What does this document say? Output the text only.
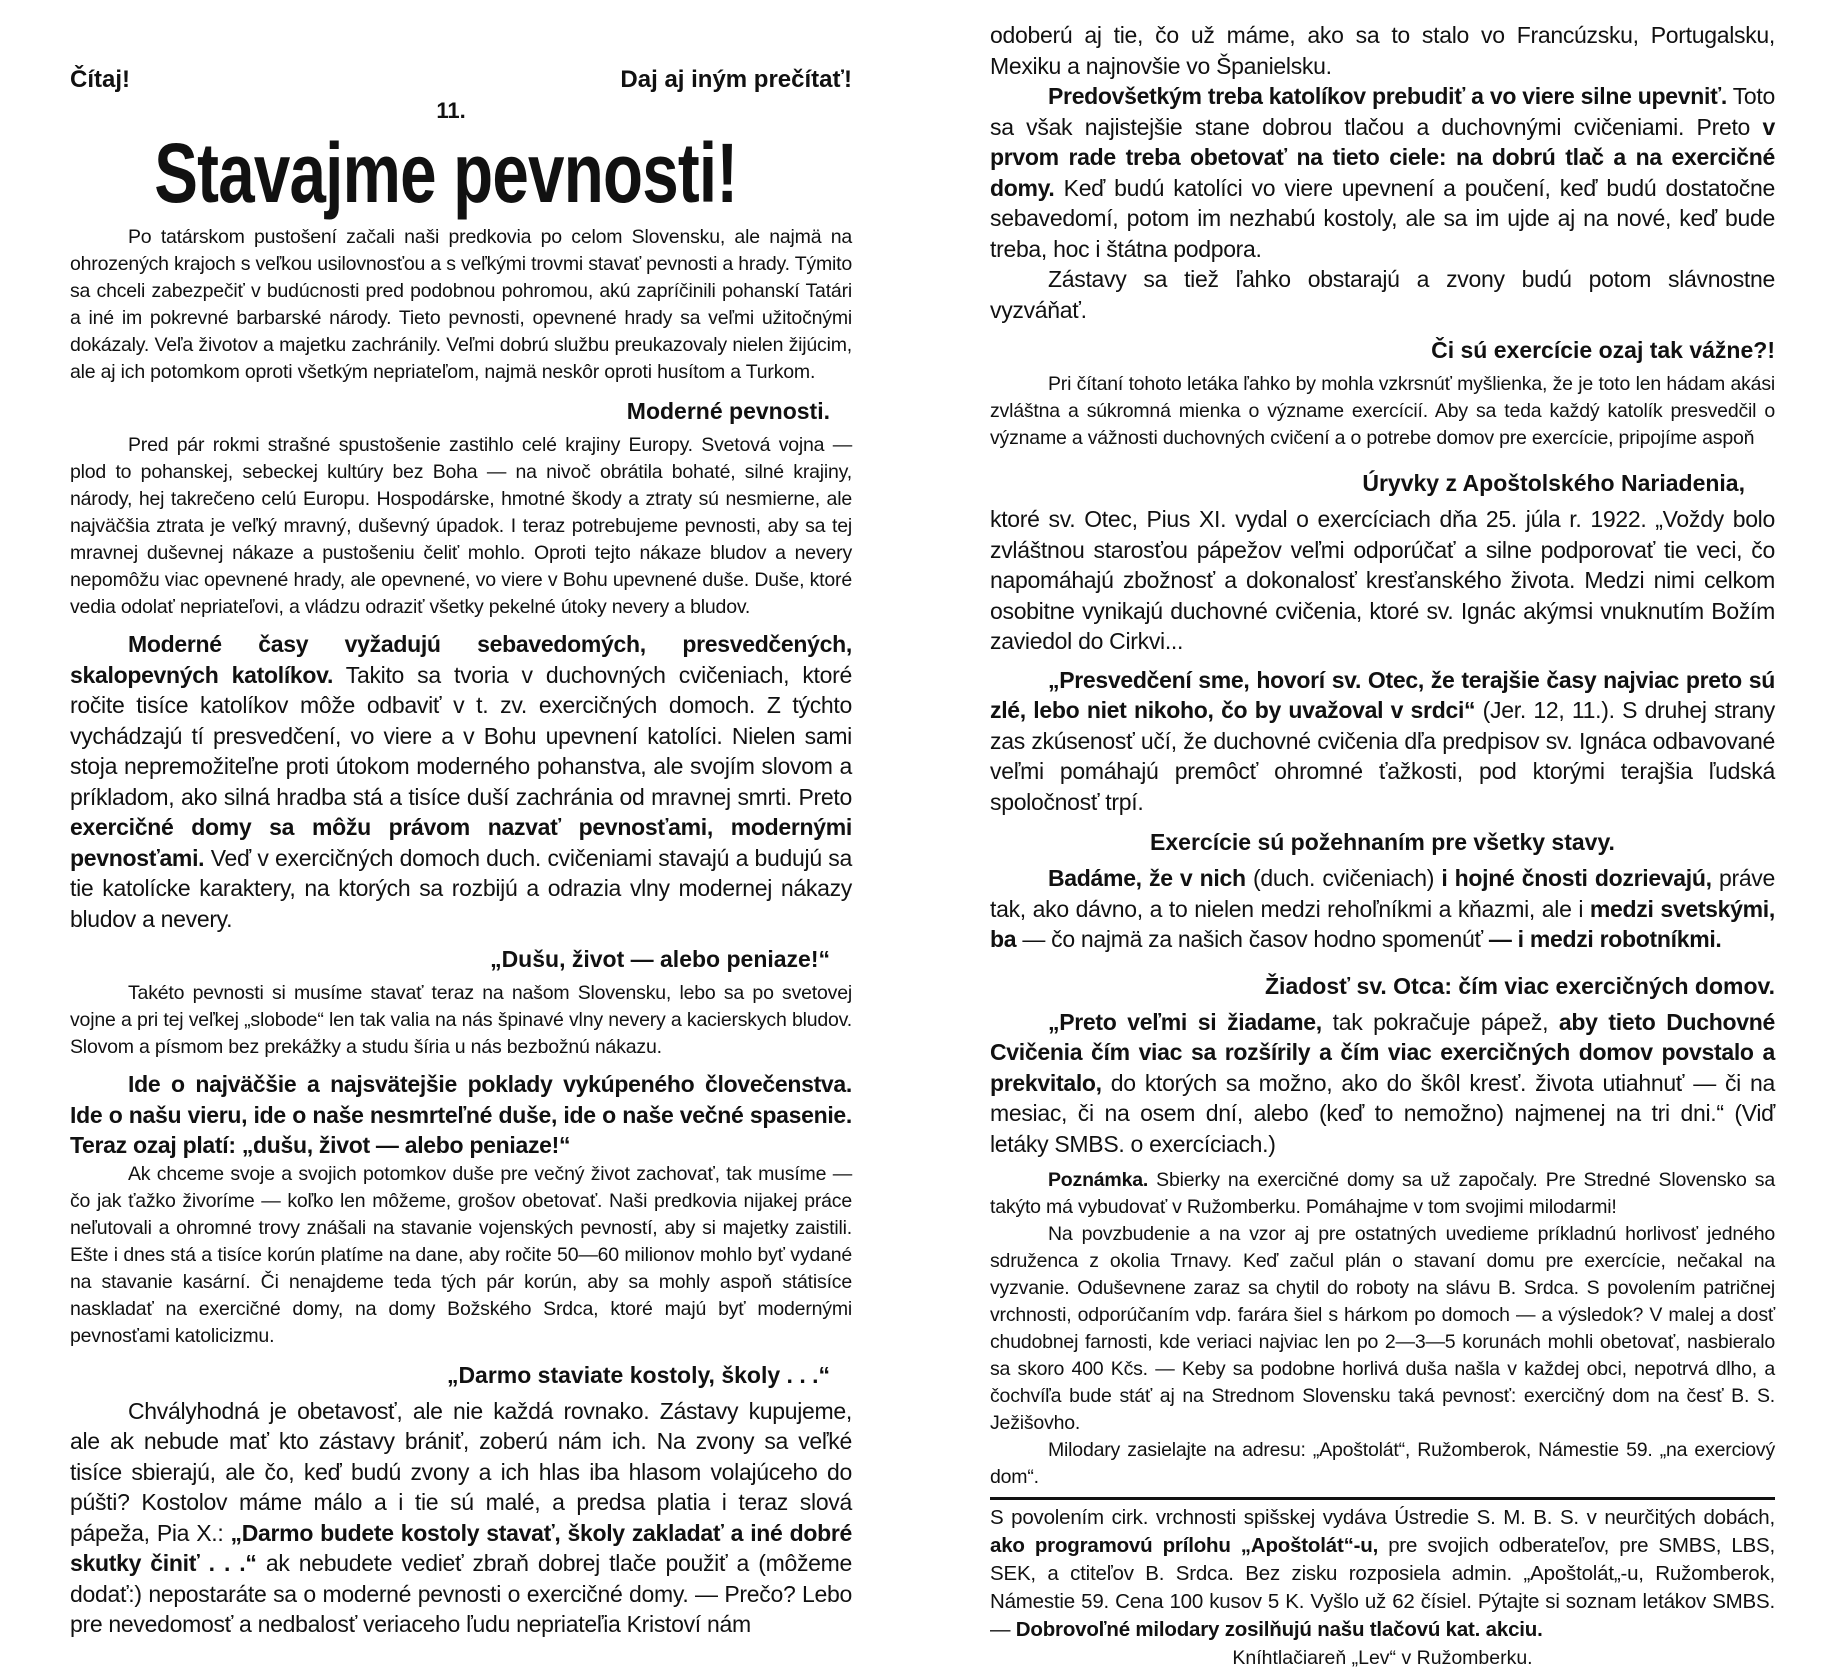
Čítaj!	Daj aj iným prečítať!
11.
Stavajme pevnosti!

Po tatárskom pustošení začali naši predkovia po celom Slovensku, ale najmä na ohrozených krajoch s veľkou usilovnosťou a s veľkými trovmi stavať pevnosti a hrady. Týmito sa chceli zabezpečiť v budúcnosti pred podobnou pohromou, akú zapríčinili pohanskí Tatári a iné im pokrevné barbarské národy. Tieto pevnosti, opevnené hrady sa veľmi užitočnými dokázaly. Veľa životov a majetku zachránily. Veľmi dobrú službu preukazovaly nielen žijúcim, ale aj ich potomkom oproti všetkým nepriateľom, najmä neskôr oproti husítom a Turkom.

Moderné pevnosti.

Pred pár rokmi strašné spustošenie zastihlo celé krajiny Europy. Svetová vojna — plod to pohanskej, sebeckej kultúry bez Boha — na nivoč obrátila bohaté, silné krajiny, národy, hej takrečeno celú Europu. Hospodárske, hmotné škody a ztraty sú nesmierne, ale najväčšia ztrata je veľký mravný, duševný úpadok. I teraz potrebujeme pevnosti, aby sa tej mravnej duševnej nákaze a pustošeniu čeliť mohlo. Oproti tejto nákaze bludov a nevery nepomôžu viac opevnené hrady, ale opevnené, vo viere v Bohu upevnené duše. Duše, ktoré vedia odolať nepriateľovi, a vládzu odraziť všetky pekelné útoky nevery a bludov.

Moderné časy vyžadujú sebavedomých, presvedčených, skalopevných katolíkov. Takito sa tvoria v duchovných cvičeniach, ktoré ročite tisíce katolíkov môže odbaviť v t. zv. exercičných domoch. Z týchto vychádzajú tí presvedčení, vo viere a v Bohu upevnení katolíci. Nielen sami stoja nepremožiteľne proti útokom moderného pohanstva, ale svojím slovom a príkladom, ako silná hradba stá a tisíce duší zachránia od mravnej smrti. Preto exercičné domy sa môžu právom nazvať pevnosťami, modernými pevnosťami. Veď v exercičných domoch duch. cvičeniami stavajú a budujú sa tie katolícke karaktery, na ktorých sa rozbijú a odrazia vlny modernej nákazy bludov a nevery.

„Dušu, život — alebo peniaze!“

Takéto pevnosti si musíme stavať teraz na našom Slovensku, lebo sa po svetovej vojne a pri tej veľkej „slobode“ len tak valia na nás špinavé vlny nevery a kacierskych bludov. Slovom a písmom bez prekážky a studu šíria u nás bezbožnú nákazu.

Ide o najväčšie a najsvätejšie poklady vykúpeného človečenstva. Ide o našu vieru, ide o naše nesmrteľné duše, ide o naše večné spasenie. Teraz ozaj platí: „dušu, život — alebo peniaze!“

Ak chceme svoje a svojich potomkov duše pre večný život zachovať, tak musíme — čo jak ťažko živoríme — koľko len môžeme, grošov obetovať. Naši predkovia nijakej práce neľutovali a ohromné trovy znášali na stavanie vojenských pevností, aby si majetky zaistili. Ešte i dnes stá a tisíce korún platíme na dane, aby ročite 50—60 milionov mohlo byť vydané na stavanie kasární. Či nenajdeme teda tých pár korún, aby sa mohly aspoň státisíce naskladať na exercičné domy, na domy Božského Srdca, ktoré majú byť modernými pevnosťami katolicizmu.

„Darmo staviate kostoly, školy . . .“

Chvályhodná je obetavosť, ale nie každá rovnako. Zástavy kupujeme, ale ak nebude mať kto zástavy brániť, zoberú nám ich. Na zvony sa veľké tisíce sbierajú, ale čo, keď budú zvony a ich hlas iba hlasom volajúceho do púšti? Kostolov máme málo a i tie sú malé, a predsa platia i teraz slová pápeža, Pia X.: „Darmo budete kostoly stavať, školy zakladať a iné dobré skutky činiť . . .“ ak nebudete vedieť zbraň dobrej tlače použiť a (môžeme dodať:) nepostaráte sa o moderné pevnosti o exercičné domy. — Prečo? Lebo pre nevedomosť a nedbalosť veriaceho ľudu nepriateľia Kristoví nám

odoberú aj tie, čo už máme, ako sa to stalo vo Francúzsku, Portugalsku, Mexiku a najnovšie vo Španielsku.

Predovšetkým treba katolíkov prebudiť a vo viere silne upevniť. Toto sa však najistejšie stane dobrou tlačou a duchovnými cvičeniami. Preto v prvom rade treba obetovať na tieto ciele: na dobrú tlač a na exercičné domy. Keď budú katolíci vo viere upevnení a poučení, keď budú dostatočne sebavedomí, potom im nezhabú kostoly, ale sa im ujde aj na nové, keď bude treba, hoc i štátna podpora.

Zástavy sa tiež ľahko obstarajú a zvony budú potom slávnostne vyzváňať.

Či sú exercície ozaj tak vážne?!

Pri čítaní tohoto letáka ľahko by mohla vzkrsnúť myšlienka, že je toto len hádam akási zvláštna a súkromná mienka o význame exercícií. Aby sa teda každý katolík presvedčil o význame a vážnosti duchovných cvičení a o potrebe domov pre exercície, pripojíme aspoň

Úryvky z Apoštolského Nariadenia,

ktoré sv. Otec, Pius XI. vydal o exercíciach dňa 25. júla r. 1922. „Voždy bolo zvláštnou starosťou pápežov veľmi odporúčať a silne podporovať tie veci, čo napomáhajú zbožnosť a dokonalosť kresťanského života. Medzi nimi celkom osobitne vynikajú duchovné cvičenia, ktoré sv. Ignác akýmsi vnuknutím Božím zaviedol do Cirkvi...

„Presvedčení sme, hovorí sv. Otec, že terajšie časy najviac preto sú zlé, lebo niet nikoho, čo by uvažoval v srdci“ (Jer. 12, 11.). S druhej strany zas zkúsenosť učí, že duchovné cvičenia dľa predpisov sv. Ignáca odbavované veľmi pomáhajú premôcť ohromné ťažkosti, pod ktorými terajšia ľudská spoločnosť trpí.

Exercície sú požehnaním pre všetky stavy.

Badáme, že v nich (duch. cvičeniach) i hojné čnosti dozrievajú, práve tak, ako dávno, a to nielen medzi rehoľníkmi a kňazmi, ale i medzi svetskými, ba — čo najmä za našich časov hodno spomenúť — i medzi robotníkmi.

Žiadosť sv. Otca: čím viac exercičných domov.

„Preto veľmi si žiadame, tak pokračuje pápež, aby tieto Duchovné Cvičenia čím viac sa rozšírily a čím viac exercičných domov povstalo a prekvitalo, do ktorých sa možno, ako do škôl kresť. života utiahnuť — či na mesiac, či na osem dní, alebo (keď to nemožno) najmenej na tri dni.“ (Viď letáky SMBS. o exercíciach.)

Poznámka. Sbierky na exercičné domy sa už započaly. Pre Stredné Slovensko sa takýto má vybudovať v Ružomberku. Pomáhajme v tom svojimi milodarmi!

Na povzbudenie a na vzor aj pre ostatných uvedieme príkladnú horlivosť jedného sdruženca z okolia Trnavy. Keď začul plán o stavaní domu pre exercície, nečakal na vyzvanie. Oduševnene zaraz sa chytil do roboty na slávu B. Srdca. S povolením patričnej vrchnosti, odporúčaním vdp. farára šiel s hárkom po domoch — a výsledok? V malej a dosť chudobnej farnosti, kde veriaci najviac len po 2—3—5 korunách mohli obetovať, nasbieralo sa skoro 400 Kčs. — Keby sa podobne horlivá duša našla v každej obci, nepotrvá dlho, a čochvíľa bude stáť aj na Strednom Slovensku taká pevnosť: exercičný dom na česť B. S. Ježišovho.

Milodary zasielajte na adresu: „Apoštolát“, Ružomberok, Námestie 59. „na exerciový dom“.

S povolením cirk. vrchnosti spišskej vydáva Ústredie S. M. B. S. v neurčitých dobách, ako programovú prílohu „Apoštolát“-u, pre svojich odberateľov, pre SMBS, LBS, SEK, a ctiteľov B. Srdca. Bez zisku rozposiela admin. „Apoštolát„-u, Ružomberok, Námestie 59. Cena 100 kusov 5 K. Vyšlo už 62 čísiel. Pýtajte si soznam letákov SMBS. — Dobrovoľné milodary zosilňujú našu tlačovú kat. akciu.

Kníhtlačiareň „Lev“ v Ružomberku.
